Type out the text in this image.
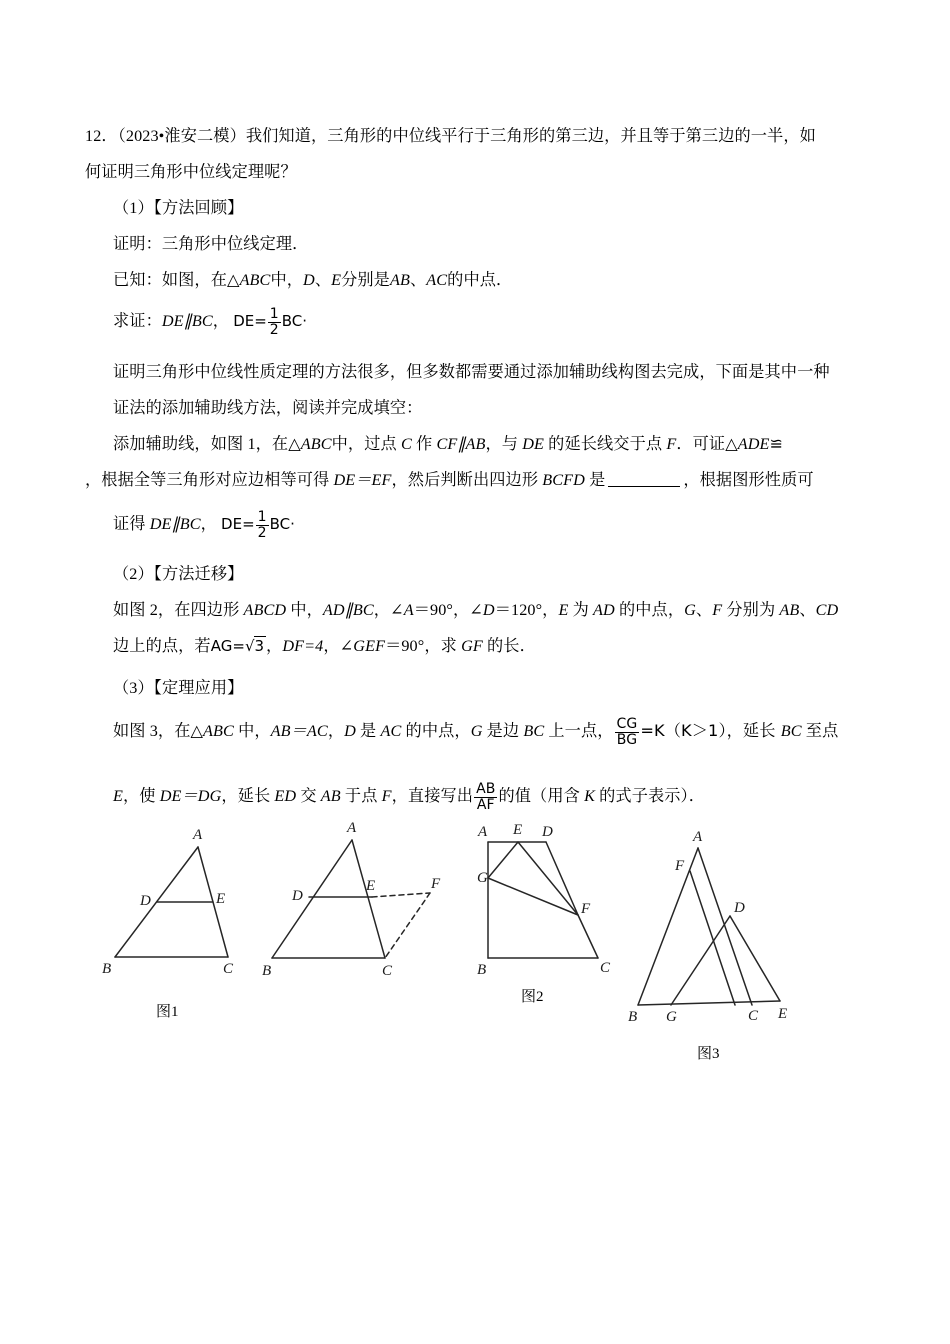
12．（2023•淮安二模）我们知道，三角形的中位线平行于三角形的第三边，并且等于第三边的一半，如
何证明三角形中位线定理呢？

（1）【方法回顾】

证明：三角形中位线定理．

已知：如图，在△ABC中，D、E分别是AB、AC的中点．

求证：DE∥BC， $DE= \frac{1}{2} BC\cdot$

证明三角形中位线性质定理的方法很多，但多数都需要通过添加辅助线构图去完成，下面是其中一种
证法的添加辅助线方法，阅读并完成填空：

添加辅助线，如图 1，在△ABC中，过点 C 作 CF∥AB，与 DE 的延长线交于点 F．可证△ADE≌

，根据全等三角形对应边相等可得 DE＝EF，然后判断出四边形 BCFD 是	，根据图形性质可

证得 DE∥BC， $DE= \frac{1}{2} BC\cdot$

（2）【方法迁移】

如图 2，在四边形 ABCD 中，AD∥BC，∠A＝90°，∠D＝120°，E 为 AD 的中点，G、F 分别为 AB、CD

边上的点，若AG=√3 ，DF=4，∠GEF＝90°，求 GF 的长．

（3）【定理应用】

如图 3，在△ABC 中，AB＝AC，D 是 AC 的中点，G 是边 BC 上一点， $\frac{CG}{BG} =K(K>1)$，延长 BC 至点

E，使 DE＝DG，延长 ED 交 AB 于点 F，直接写出 $\frac{AB}{AF}$ 的值（用含 K 的式子表示）．

A
D	E
B	C
图1
A
D
E	F
B	C
A E D
G
F
B	C
图2
A
F
D
B G	C E
图3
